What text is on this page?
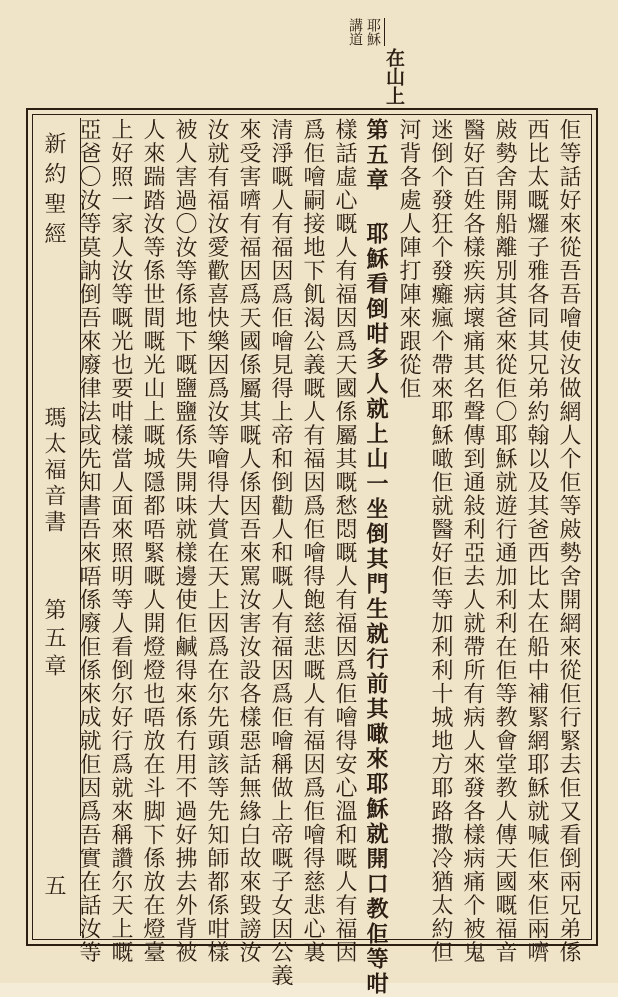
耶穌
講道
在山上
新約聖經
瑪太福音書
第五章
五	佢等話好來從吾吾噲使汝做網人个佢等㪐勢舍開網來從佢行緊去佢又看倒兩兄弟係
西比太嘅𤓓子雅各同其兄弟約翰以及其爸西比太在船中補緊網耶穌就喊佢來佢兩嚌
㪐勢舍開船離別其爸來從佢〇耶穌就遊行通加利利在佢等教會堂教人傳天國嘅福音
醫好百姓各樣疾病壞痛其名聲傳到通敍利亞去人就帶所有病人來發各樣病痛个被鬼
迷倒个發狂个發癱瘋个帶來耶穌噉佢就醫好佢等加利利十城地方耶路撒冷猶太約但
河背各處人陣打陣來跟從佢
第五章 耶穌看倒咁多人就上山一坐倒其門生就行前其噉來耶穌就開口教佢等咁
樣話虛心嘅人有福因爲天國係屬其嘅愁悶嘅人有福因爲佢噲得安心溫和嘅人有福因
爲佢噲嗣接地下飢渴公義嘅人有福因爲佢噲得飽慈悲嘅人有福因爲佢噲得慈悲心裏
清淨嘅人有福因爲佢噲見得上帝和倒勸人和嘅人有福因爲佢噲稱做上帝嘅子女因公義
來受害嚌有福因爲天國係屬其嘅人係因吾來罵汝害汝設各樣惡話無緣白故來毀謗汝
汝就有福汝愛歡喜快樂因爲汝等噲得大賞在天上因爲在尔先頭該等先知師都係咁樣
被人害過〇汝等係地下嘅鹽鹽係失開味就樣邊使佢鹹得來係冇用不過好拂去外背被
人來踹踏汝等係世間嘅光山上嘅城隱都唔緊嘅人開燈燈也唔放在斗脚下係放在燈臺
上好照一家人汝等嘅光也要咁樣當人面來照明等人看倒尔好行爲就來稱讚尔天上嘅
亞爸〇汝等莫訥倒吾來廢律法或先知書吾來唔係廢佢係來成就佢因爲吾實在話汝等
